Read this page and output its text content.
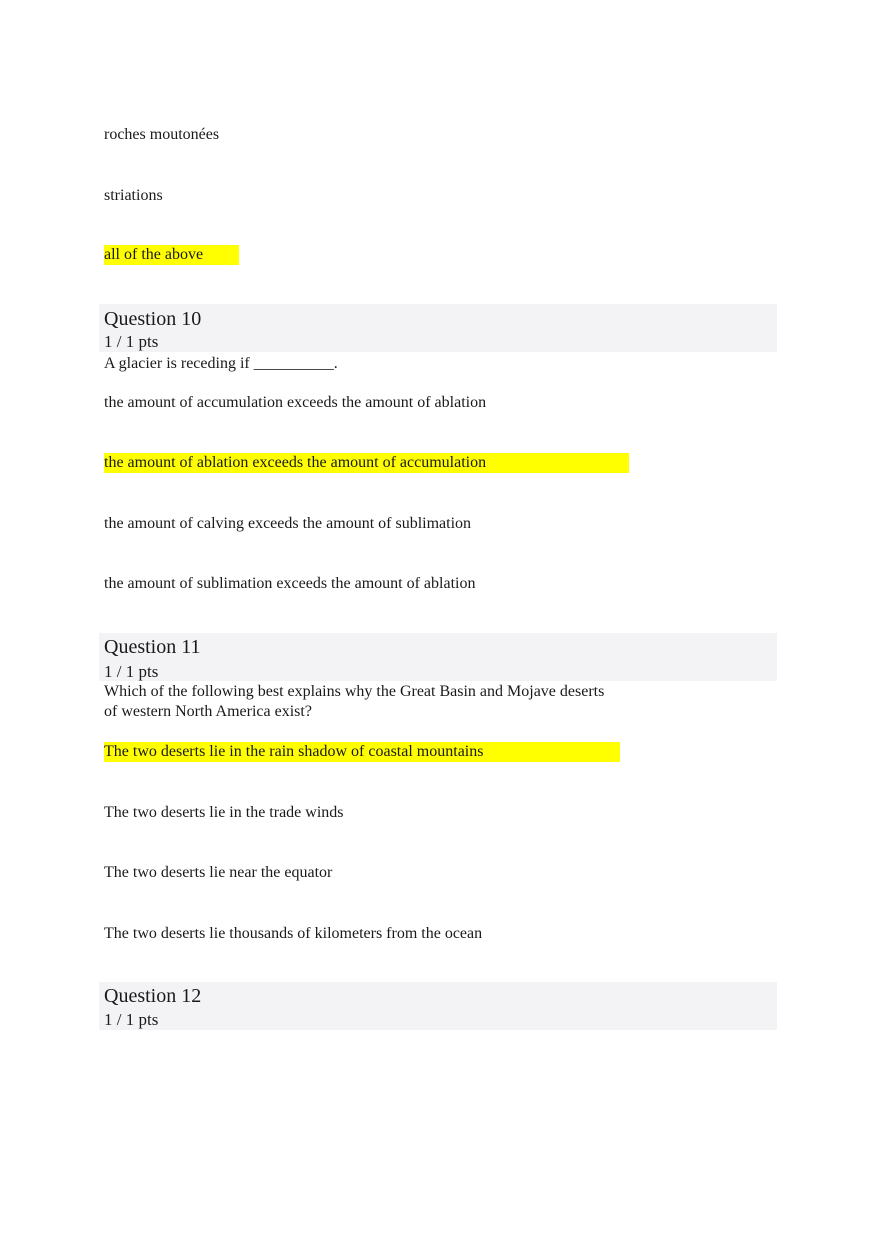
roches moutonées
striations
all of the above
Question 10
1 / 1 pts
A glacier is receding if __________.
the amount of accumulation exceeds the amount of ablation
the amount of ablation exceeds the amount of accumulation
the amount of calving exceeds the amount of sublimation
the amount of sublimation exceeds the amount of ablation
Question 11
1 / 1 pts
Which of the following best explains why the Great Basin and Mojave deserts
of western North America exist?
The two deserts lie in the rain shadow of coastal mountains
The two deserts lie in the trade winds
The two deserts lie near the equator
The two deserts lie thousands of kilometers from the ocean
Question 12
1 / 1 pts
